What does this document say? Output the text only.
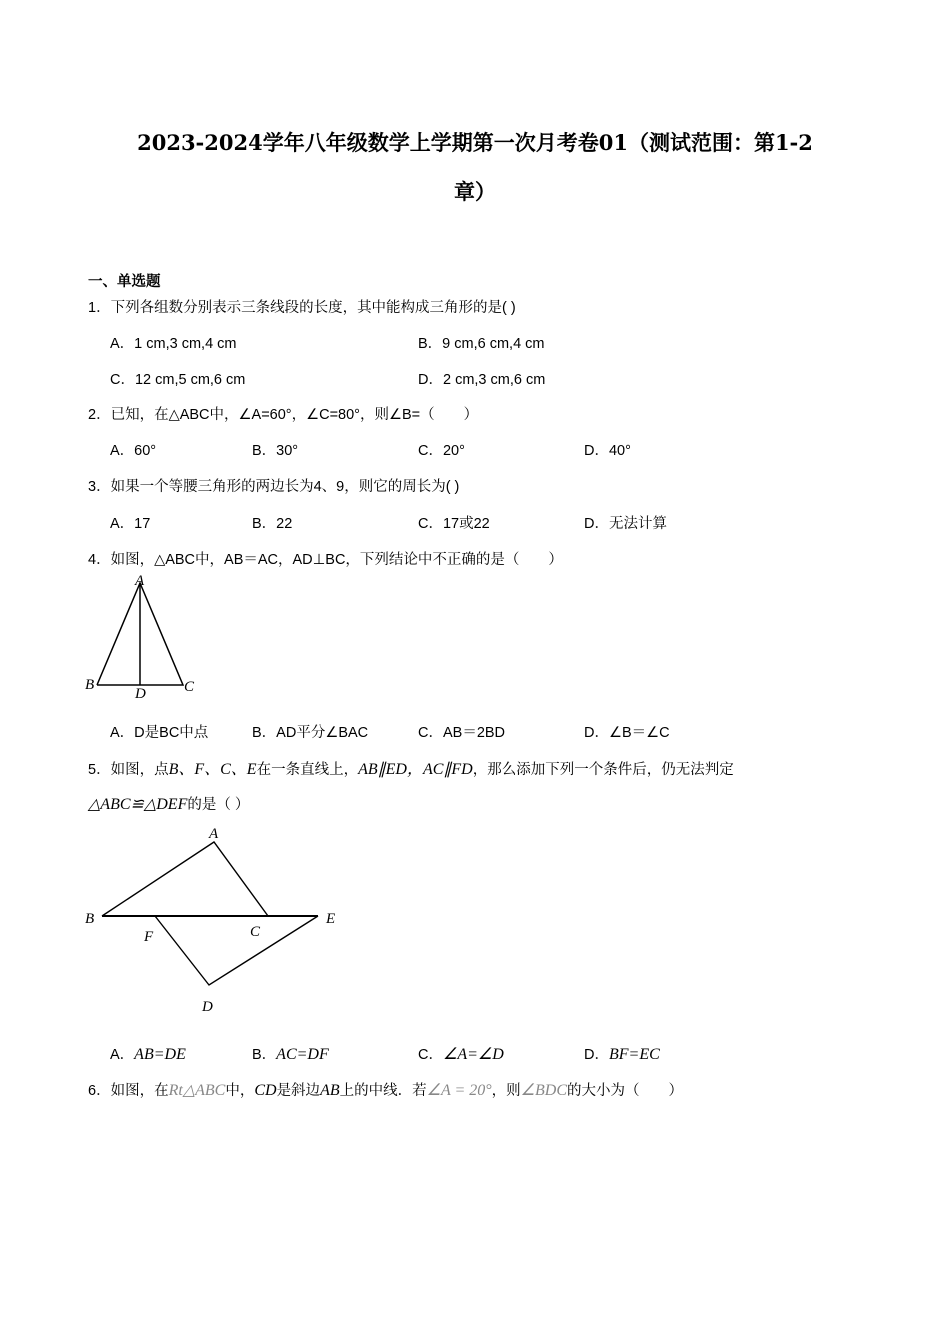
2023-2024学年八年级数学上学期第一次月考卷01（测试范围：第1-2
章）
一、单选题
1．下列各组数分别表示三条线段的长度，其中能构成三角形的是( )
A．1 cm,3 cm,4 cm	B．9 cm,6 cm,4 cm
C．12 cm,5 cm,6 cm	D．2 cm,3 cm,6 cm
2．已知，在△ABC中，∠A=60°，∠C=80°，则∠B=（　　）
A．60°	B．30°	C．20°	D．40°
3．如果一个等腰三角形的两边长为4、9，则它的周长为( )
A．17	B．22	C．17或22	D．无法计算
4．如图，△ABC中，AB＝AC，AD⊥BC，下列结论中不正确的是（　　）
A
B
D	C
A．D是BC中点	B．AD平分∠BAC	C．AB＝2BD	D．∠B＝∠C
5．如图，点B、F、C、E在一条直线上，AB∥ED，AC∥FD，那么添加下列一个条件后，仍无法判定
△ABC≌△DEF的是（ ）
A
B
C
E
F
D
A．AB=DE	B．AC=DF	C．∠A=∠D	D．BF=EC
6．如图，在Rt△ABC中，CD是斜边AB上的中线．若∠A = 20°，则∠BDC的大小为（　　）
